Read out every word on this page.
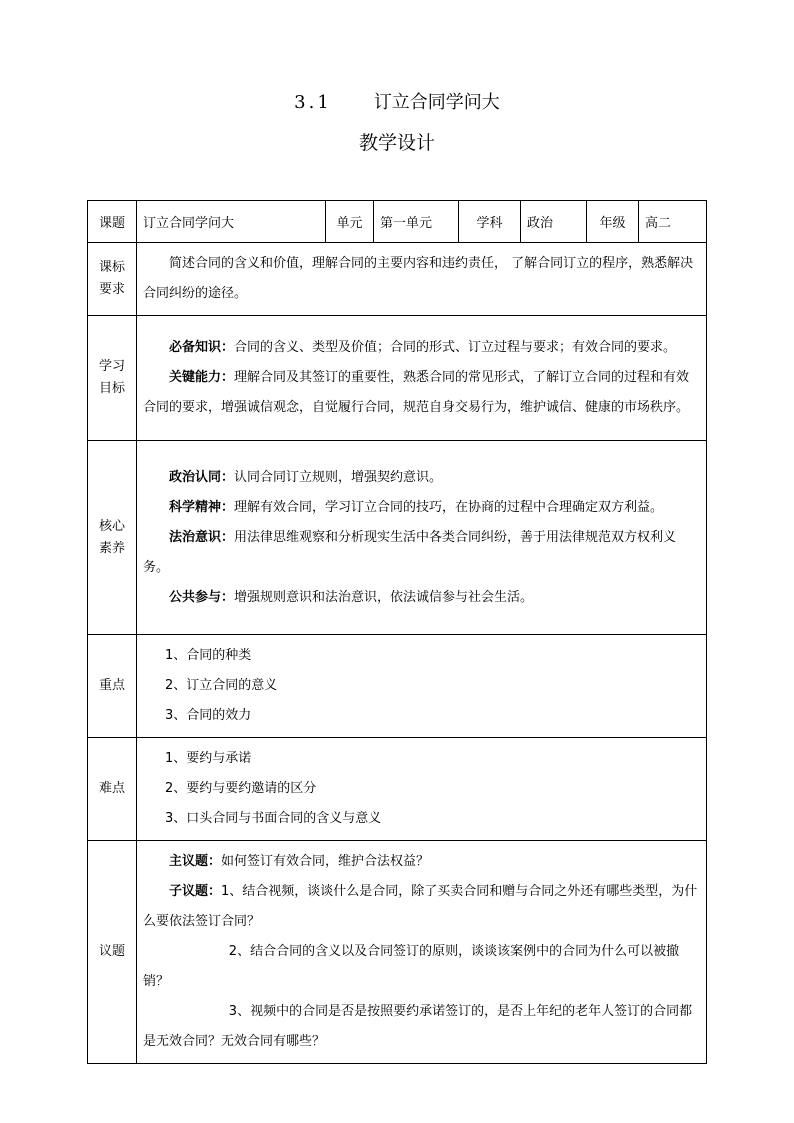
3.1 订立合同学问大
教学设计
课题	订立合同学问大	单元	第一单元	学科	政治	年级	高二

课标要求	简述合同的含义和价值，理解合同的主要内容和违约责任， 了解合同订立的程序，熟悉解决合同纠纷的途径。						

学习目标	必备知识：合同的含义、类型及价值；合同的形式、订立过程与要求；有效合同的要求。

关键能力：理解合同及其签订的重要性，熟悉合同的常见形式，了解订立合同的过程和有效合同的要求，增强诚信观念，自觉履行合同，规范自身交易行为，维护诚信、健康的市场秩序。						

核心素养	政治认同：认同合同订立规则，增强契约意识。

科学精神：理解有效合同，学习订立合同的技巧，在协商的过程中合理确定双方利益。

法治意识：用法律思维观察和分析现实生活中各类合同纠纷，善于用法律规范双方权利义务。

公共参与：增强规则意识和法治意识，依法诚信参与社会生活。						

重点	1、合同的种类

2、订立合同的意义

3、合同的效力						

难点	1、要约与承诺

2、要约与要约邀请的区分

3、口头合同与书面合同的含义与意义						

议题	主议题：如何签订有效合同，维护合法权益？

子议题：1、结合视频，谈谈什么是合同，除了买卖合同和赠与合同之外还有哪些类型，为什么要依法签订合同？

2、结合合同的含义以及合同签订的原则，谈谈该案例中的合同为什么可以被撤销？

3、视频中的合同是否是按照要约承诺签订的，是否上年纪的老年人签订的合同都是无效合同？无效合同有哪些？						
